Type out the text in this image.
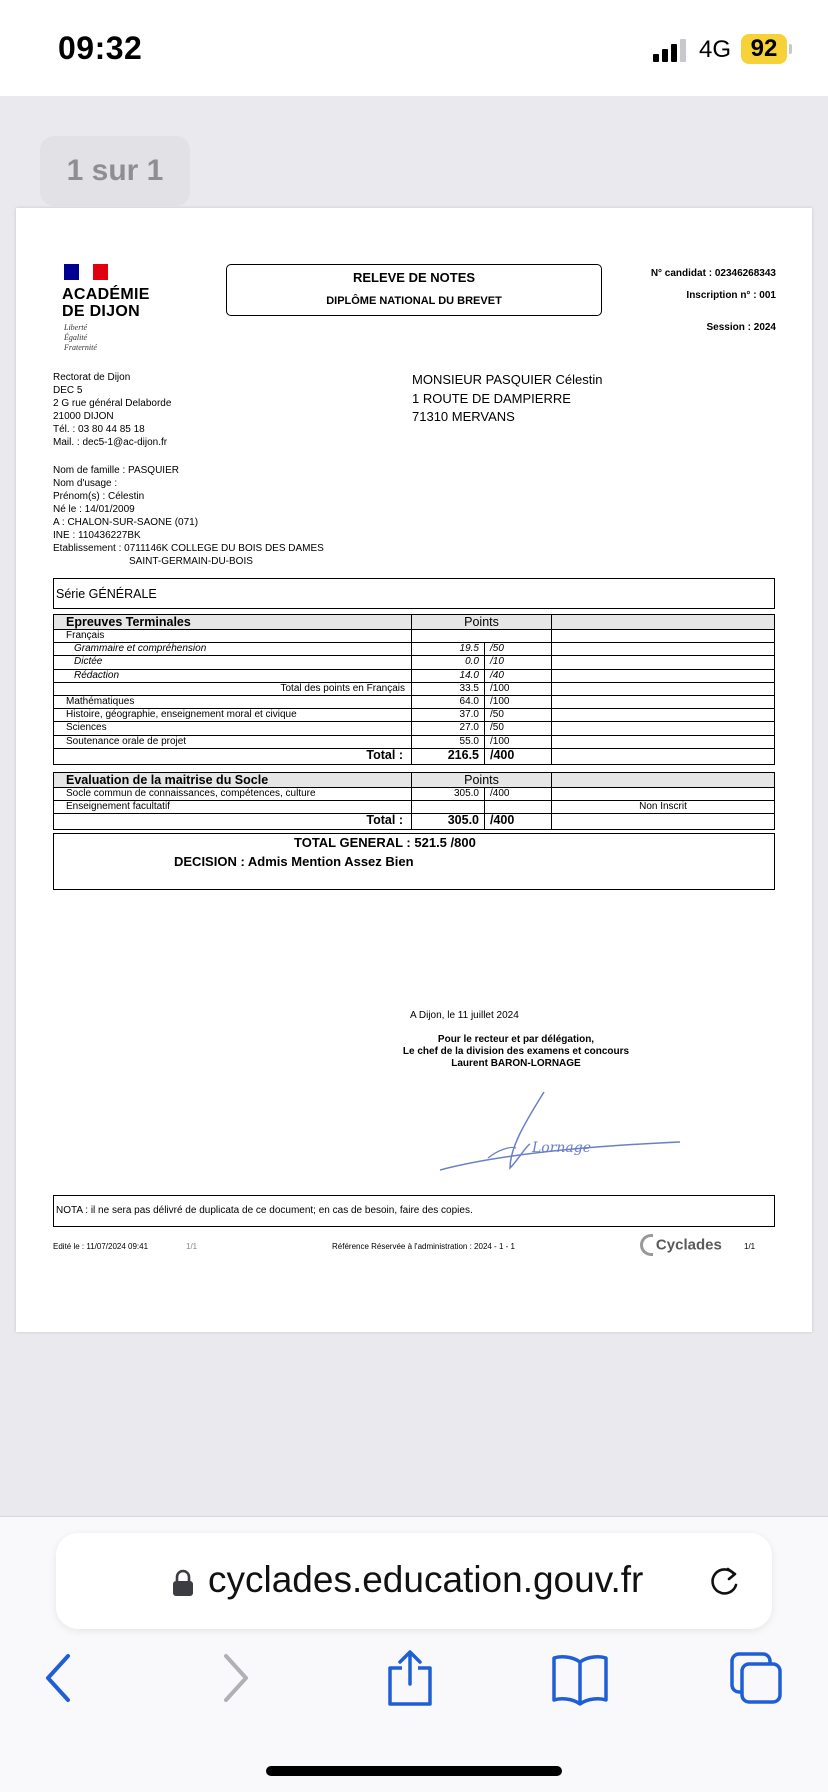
09:32	4G 92
1 sur 1
ACADÉMIE
DE DIJON
Liberté
Égalité
Fraternité
RELEVE DE NOTES
DIPLÔME NATIONAL DU BREVET
N° candidat : 02346268343
Inscription n° : 001
Session : 2024
Rectorat de Dijon
DEC 5
2 G rue général Delaborde
21000 DIJON
Tél. : 03 80 44 85 18
Mail. : dec5-1@ac-dijon.fr
MONSIEUR PASQUIER Célestin
1 ROUTE DE DAMPIERRE
71310 MERVANS
Nom de famille : PASQUIER
Nom d'usage :
Prénom(s) : Célestin
Né le : 14/01/2009
A : CHALON-SUR-SAONE (071)
INE : 110436227BK
Etablissement : 0711146K COLLEGE DU BOIS DES DAMES
SAINT-GERMAIN-DU-BOIS
Série GÉNÉRALE
Epreuves Terminales	Points
Français
Grammaire et compréhension	19.5 /50
Dictée	0.0 /10
Rédaction	14.0 /40
Total des points en Français	33.5 /100
Mathématiques	64.0 /100
Histoire, géographie, enseignement moral et civique	37.0 /50
Sciences	27.0 /50
Soutenance orale de projet	55.0 /100
Total :	216.5 /400
Evaluation de la maitrise du Socle	Points
Socle commun de connaissances, compétences, culture	305.0 /400
Enseignement facultatif	Non Inscrit
Total :	305.0 /400
TOTAL GENERAL : 521.5 /800
DECISION : Admis Mention Assez Bien
A Dijon, le 11 juillet 2024
Pour le recteur et par délégation,
Le chef de la division des examens et concours
Laurent BARON-LORNAGE
Lornage
NOTA : il ne sera pas délivré de duplicata de ce document; en cas de besoin, faire des copies.
Edité le : 11/07/2024 09:41	1/1	Référence Réservée à l'administration : 2024 - 1 - 1	Cyclades	1/1
cyclades.education.gouv.fr
